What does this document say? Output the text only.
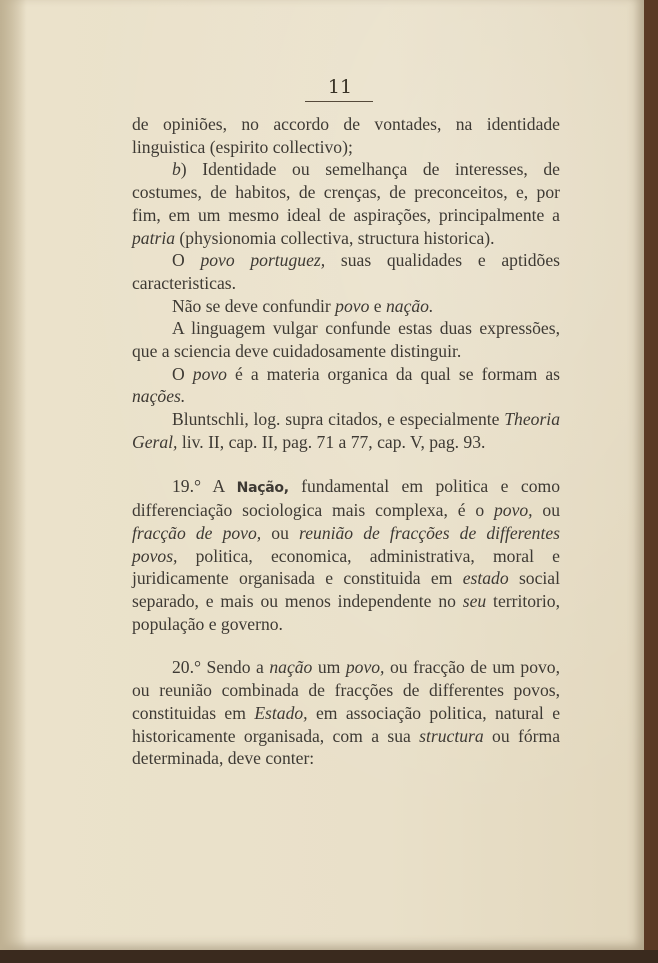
11

de opiniões, no accordo de vontades, na identidade linguistica (espirito collectivo);

b) Identidade ou semelhança de interesses, de costumes, de habitos, de crenças, de preconceitos, e, por fim, em um mesmo ideal de aspirações, principalmente a patria (physionomia collectiva, structura historica).

O povo portuguez, suas qualidades e aptidões caracteristicas.

Não se deve confundir povo e nação.

A linguagem vulgar confunde estas duas expressões, que a sciencia deve cuidadosamente distinguir.

O povo é a materia organica da qual se formam as nações.

Bluntschli, log. supra citados, e especialmente Theoria Geral, liv. II, cap. II, pag. 71 a 77, cap. V, pag. 93.

19.° A Nação, fundamental em politica e como differenciação sociologica mais complexa, é o povo, ou fracção de povo, ou reunião de fracções de differentes povos, politica, economica, administrativa, moral e juridicamente organisada e constituida em estado social separado, e mais ou menos independente no seu territorio, população e governo.

20.° Sendo a nação um povo, ou fracção de um povo, ou reunião combinada de fracções de differentes povos, constituidas em Estado, em associação politica, natural e historicamente organisada, com a sua structura ou fórma determinada, deve conter:
